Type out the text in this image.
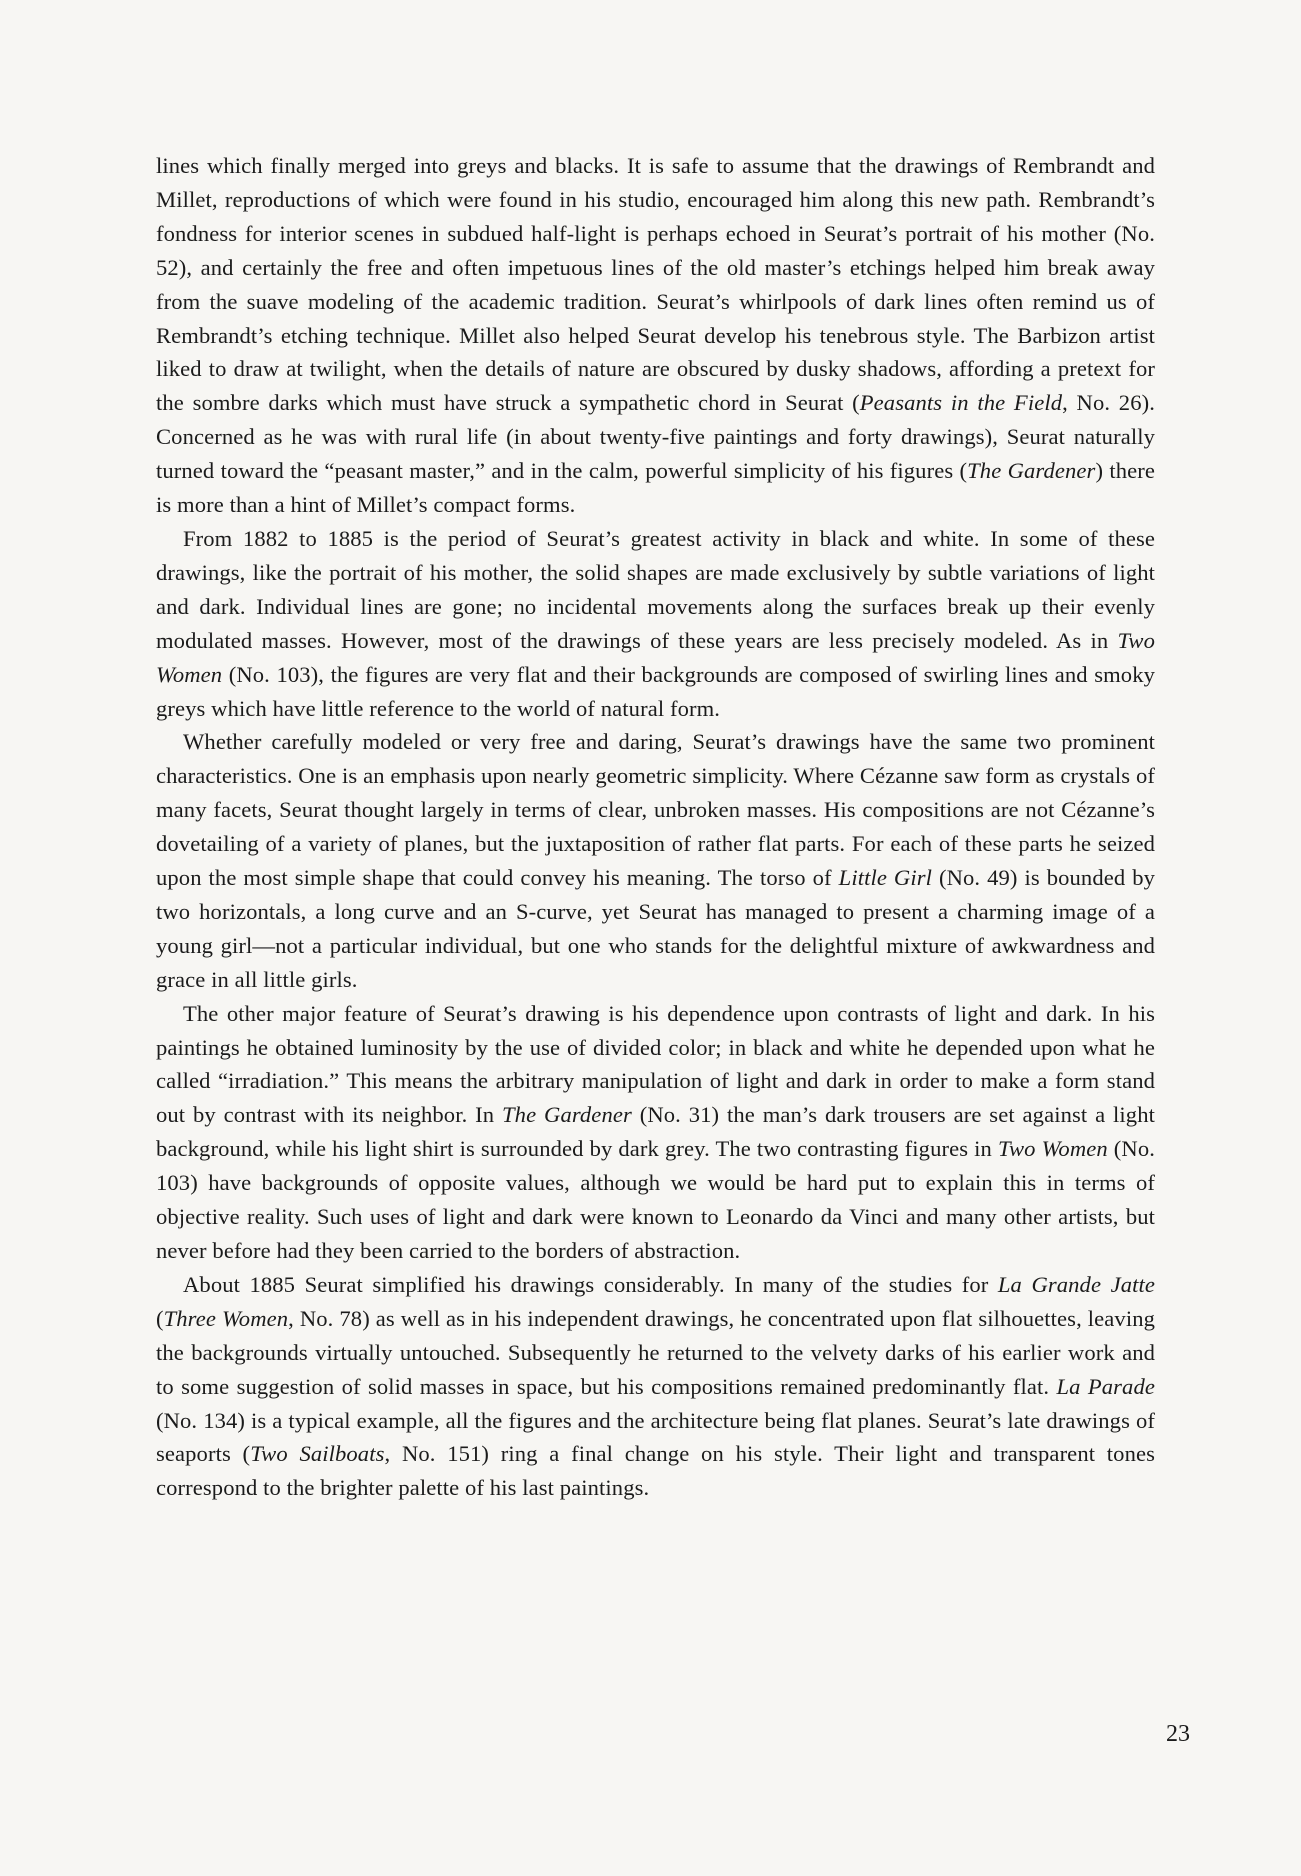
lines which finally merged into greys and blacks. It is safe to assume that the drawings of Rembrandt and Millet, reproductions of which were found in his studio, encouraged him along this new path. Rembrandt’s fondness for interior scenes in subdued half-light is perhaps echoed in Seurat’s portrait of his mother (No. 52), and certainly the free and often impetuous lines of the old master’s etchings helped him break away from the suave modeling of the academic tradition. Seurat’s whirlpools of dark lines often remind us of Rembrandt’s etching technique. Millet also helped Seurat develop his tenebrous style. The Barbizon artist liked to draw at twilight, when the details of nature are obscured by dusky shadows, affording a pretext for the sombre darks which must have struck a sympathetic chord in Seurat (Peasants in the Field, No. 26). Concerned as he was with rural life (in about twenty-five paintings and forty drawings), Seurat naturally turned toward the “peasant master,” and in the calm, powerful simplicity of his figures (The Gardener) there is more than a hint of Millet’s compact forms.

From 1882 to 1885 is the period of Seurat’s greatest activity in black and white. In some of these drawings, like the portrait of his mother, the solid shapes are made exclusively by subtle variations of light and dark. Individual lines are gone; no incidental movements along the surfaces break up their evenly modulated masses. However, most of the drawings of these years are less precisely modeled. As in Two Women (No. 103), the figures are very flat and their backgrounds are composed of swirling lines and smoky greys which have little reference to the world of natural form.

Whether carefully modeled or very free and daring, Seurat’s drawings have the same two prominent characteristics. One is an emphasis upon nearly geometric simplicity. Where Cézanne saw form as crystals of many facets, Seurat thought largely in terms of clear, unbroken masses. His compositions are not Cézanne’s dovetailing of a variety of planes, but the juxtaposition of rather flat parts. For each of these parts he seized upon the most simple shape that could convey his meaning. The torso of Little Girl (No. 49) is bounded by two horizontals, a long curve and an S-curve, yet Seurat has managed to present a charming image of a young girl—not a particular individual, but one who stands for the delightful mixture of awkwardness and grace in all little girls.

The other major feature of Seurat’s drawing is his dependence upon contrasts of light and dark. In his paintings he obtained luminosity by the use of divided color; in black and white he depended upon what he called “irradiation.” This means the arbitrary manipulation of light and dark in order to make a form stand out by contrast with its neighbor. In The Gardener (No. 31) the man’s dark trousers are set against a light background, while his light shirt is surrounded by dark grey. The two contrasting figures in Two Women (No. 103) have backgrounds of opposite values, although we would be hard put to explain this in terms of objective reality. Such uses of light and dark were known to Leonardo da Vinci and many other artists, but never before had they been carried to the borders of abstraction.

About 1885 Seurat simplified his drawings considerably. In many of the studies for La Grande Jatte (Three Women, No. 78) as well as in his independent drawings, he concentrated upon flat silhouettes, leaving the backgrounds virtually untouched. Subsequently he returned to the velvety darks of his earlier work and to some suggestion of solid masses in space, but his compositions remained predominantly flat. La Parade (No. 134) is a typical example, all the figures and the architecture being flat planes. Seurat’s late drawings of seaports (Two Sailboats, No. 151) ring a final change on his style. Their light and transparent tones correspond to the brighter palette of his last paintings.

23
